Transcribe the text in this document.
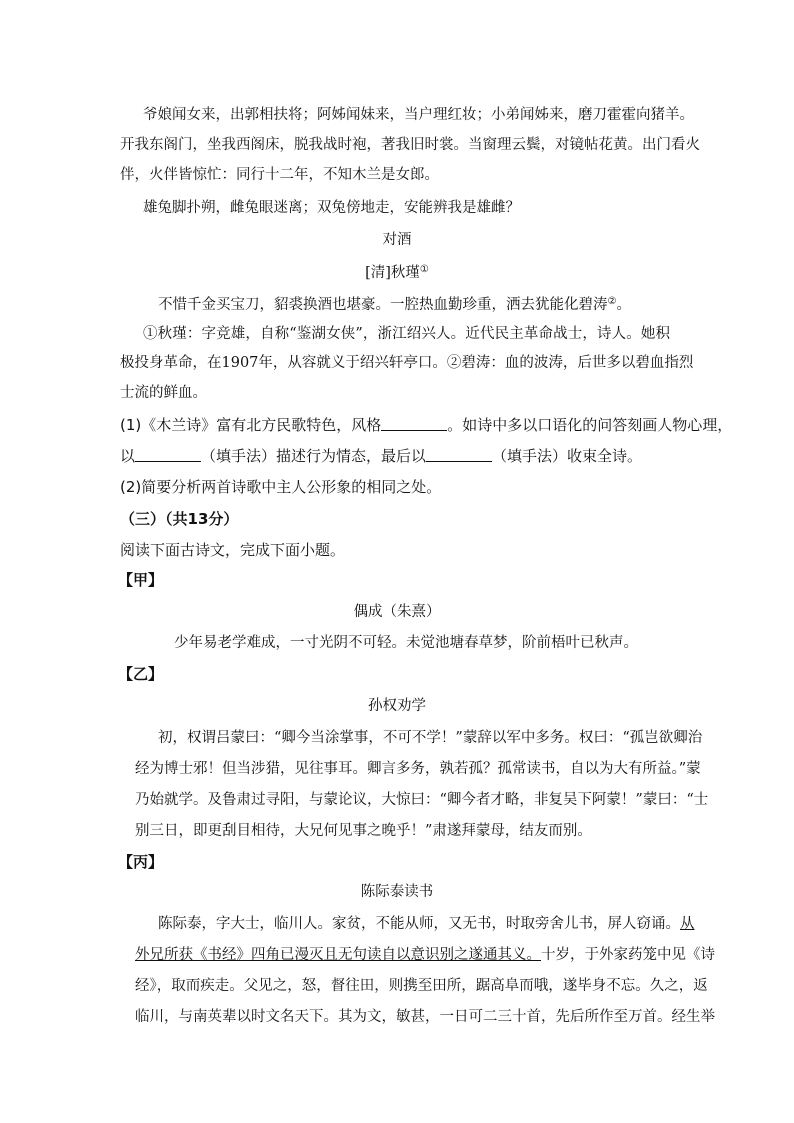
爷娘闻女来，出郭相扶将；阿姊闻妹来，当户理红妆；小弟闻姊来，磨刀霍霍向猪羊。
开我东阁门，坐我西阁床，脱我战时袍，著我旧时裳。当窗理云鬓，对镜帖花黄。出门看火
伴，火伴皆惊忙：同行十二年，不知木兰是女郎。
雄兔脚扑朔，雌兔眼迷离；双兔傍地走，安能辨我是雄雌？
对酒
[清]秋瑾①
不惜千金买宝刀，貂裘换酒也堪豪。一腔热血勤珍重，洒去犹能化碧涛②。
①秋瑾：字竞雄，自称“鉴湖女侠”，浙江绍兴人。近代民主革命战士，诗人。她积
极投身革命，在1907年，从容就义于绍兴轩亭口。②碧涛：血的波涛，后世多以碧血指烈
士流的鲜血。
(1)《木兰诗》富有北方民歌特色，风格	。如诗中多以口语化的问答刻画人物心理，
以	（填手法）描述行为情态，最后以	（填手法）收束全诗。
(2)简要分析两首诗歌中主人公形象的相同之处。
（三）（共13分）
阅读下面古诗文，完成下面小题。
【甲】
偶成（朱熹）
少年易老学难成，一寸光阴不可轻。未觉池塘春草梦，阶前梧叶已秋声。
【乙】
孙权劝学
初，权谓吕蒙曰：“卿今当涂掌事，不可不学！”蒙辞以军中多务。权曰：“孤岂欲卿治
经为博士邪！但当涉猎，见往事耳。卿言多务，孰若孤？孤常读书，自以为大有所益。”蒙
乃始就学。及鲁肃过寻阳，与蒙论议，大惊曰：“卿今者才略，非复吴下阿蒙！”蒙曰：“士
别三日，即更刮目相待，大兄何见事之晚乎！”肃遂拜蒙母，结友而别。
【丙】
陈际泰读书
陈际泰，字大士，临川人。家贫，不能从师，又无书，时取旁舍儿书，屏人窃诵。从
外兄所获《书经》四角已漫灭且无句读自以意识别之遂通其义。十岁，于外家药笼中见《诗
经》，取而疾走。父见之，怒，督往田，则携至田所，踞高阜而哦，遂毕身不忘。久之，返
临川，与南英辈以时文名天下。其为文，敏甚，一日可二三十首，先后所作至万首。经生举
